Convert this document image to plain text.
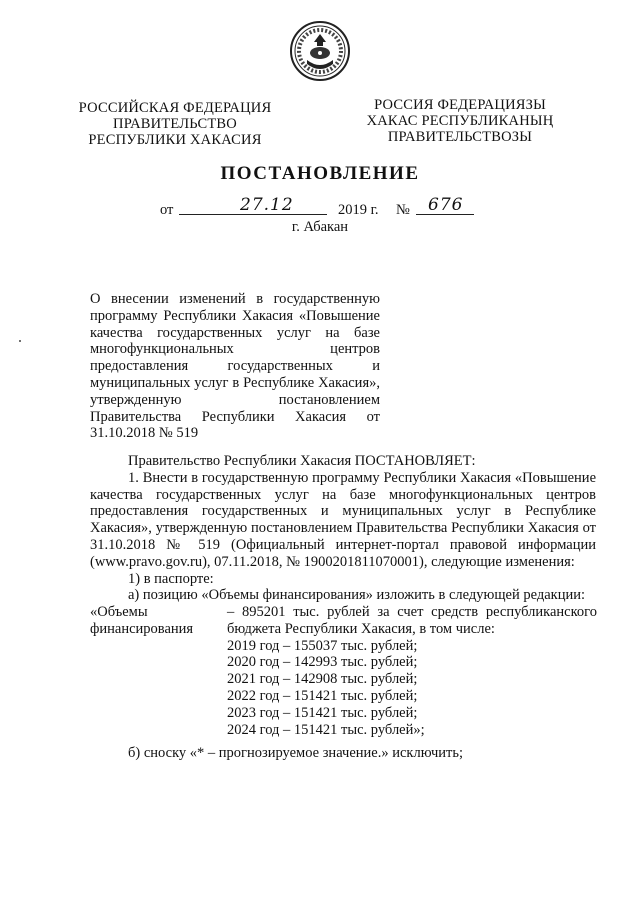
РОССИЙСКАЯ ФЕДЕРАЦИЯ
ПРАВИТЕЛЬСТВО
РЕСПУБЛИКИ ХАКАСИЯ
РОССИЯ ФЕДЕРАЦИЯЗЫ
ХАКАС РЕСПУБЛИКАНЫҢ
ПРАВИТЕЛЬСТВОЗЫ
ПОСТАНОВЛЕНИЕ
от	27.12	2019 г. № 676
г. Абакан
О внесении изменений в государственную программу Республики Хакасия «Повышение качества государственных услуг на базе многофункциональных центров предоставления государственных и муниципальных услуг в Республике Хакасия», утвержденную постановлением Правительства Республики Хакасия от 31.10.2018 № 519

Правительство Республики Хакасия ПОСТАНОВЛЯЕТ:

1. Внести в государственную программу Республики Хакасия «Повышение качества государственных услуг на базе многофункциональных центров предоставления государственных и муниципальных услуг в Республике Хакасия», утвержденную постановлением Правительства Республики Хакасия от 31.10.2018 № 519 (Официальный интернет-портал правовой информации (www.pravo.gov.ru), 07.11.2018, № 1900201811070001), следующие изменения:

1) в паспорте:

а) позицию «Объемы финансирования» изложить в следующей редакции:

«Объемы финансирования

– 895201 тыс. рублей за счет средств республиканского бюджета Республики Хакасия, в том числе:

2019 год – 155037 тыс. рублей;
2020 год – 142993 тыс. рублей;
2021 год – 142908 тыс. рублей;
2022 год – 151421 тыс. рублей;
2023 год – 151421 тыс. рублей;
2024 год – 151421 тыс. рублей»;
б) сноску «* – прогнозируемое значение.» исключить;
